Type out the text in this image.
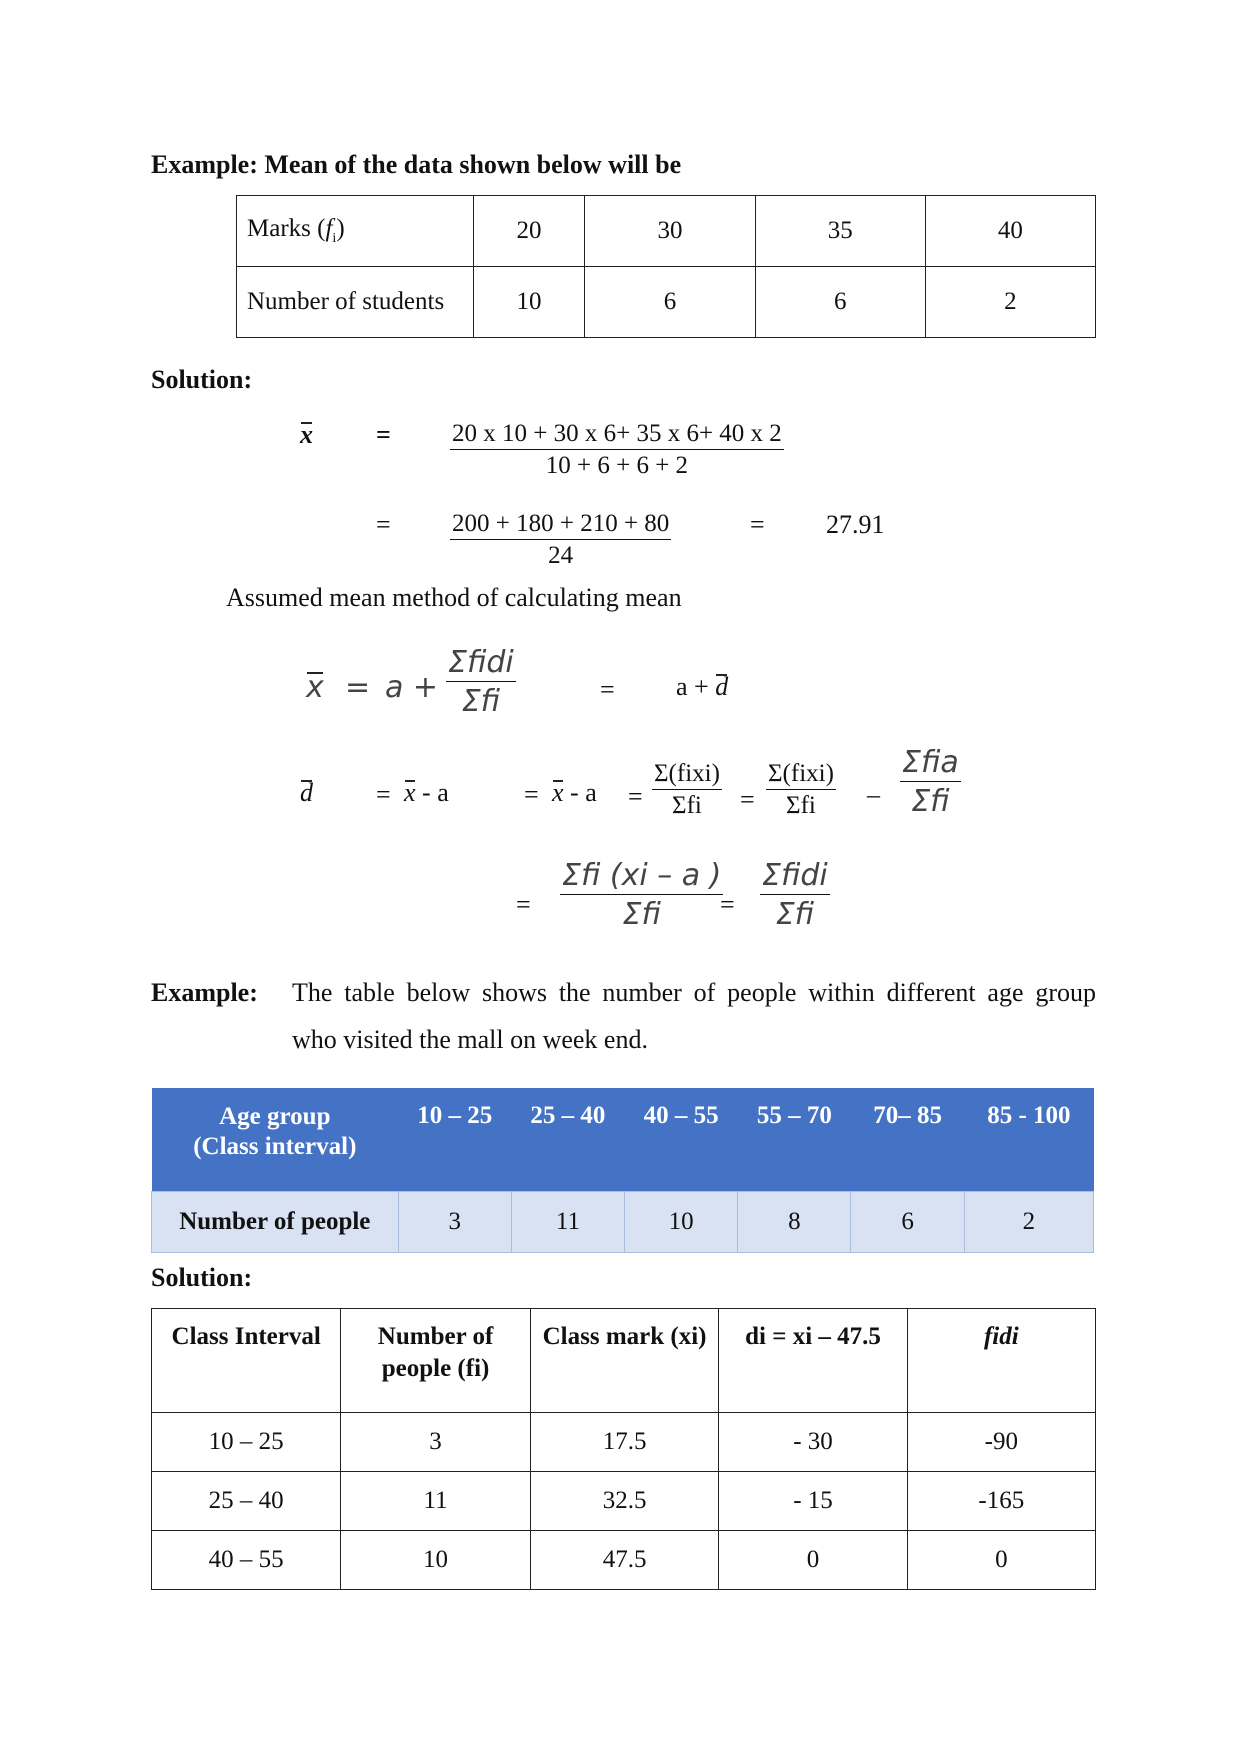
Example: Mean of the data shown below will be
Marks $(f_i)$	20	30	35	40
Number of students	10	6	6	2
Solution:
$x = \frac{20 x 10 + 30 x 6+ 35 x 6+ 40 x 2}{10 + 6 + 6 + 2}$
= $\frac{200 + 180 + 210 + 80}{24}$	= 27.91
Assumed mean method of calculating mean
x = a +
Σfidi
Σfi	= a + d
d = x - a	= x - a =
Σ(fixi)
Σfi	=
Σ(fixi)
Σfi	–
Σfia
Σfi
=
Σfi (xi – a )
Σfi	=
Σfidi
Σfi
Example: The table below shows the number of people within different age group
who visited the mall on week end.
Age group
(Class interval)	10 – 25	25 – 40	40 – 55	55 – 70	70– 85	85 - 100
Number of people	3	11	10	8	6	2
Solution:
Class Interval	Number of people (fi)	Class mark (xi)	di = xi – 47.5	fidi
10 – 25	3	17.5	- 30	-90
25 – 40	11	32.5	- 15	-165
40 – 55	10	47.5	0	0
